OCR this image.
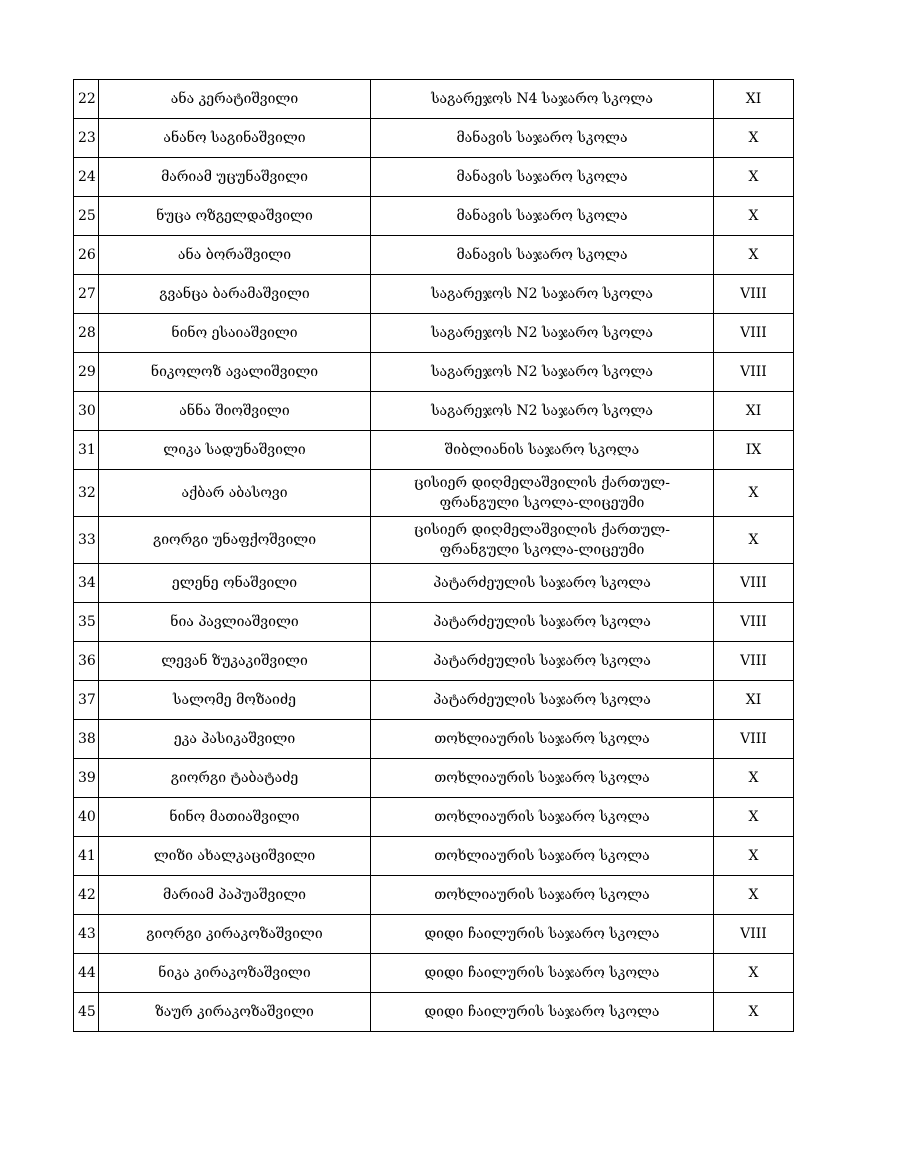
22	ანა კერატიშვილი	საგარეჯოს N4 საჯარო სკოლა	XI
23	ანანო საგინაშვილი	მანავის საჯარო სკოლა	X
24	მარიამ უცუნაშვილი	მანავის საჯარო სკოლა	X
25	ნუცა ოზგელდაშვილი	მანავის საჯარო სკოლა	X
26	ანა ბორაშვილი	მანავის საჯარო სკოლა	X
27	გვანცა ბარამაშვილი	საგარეჯოს N2 საჯარო სკოლა	VIII
28	ნინო ესაიაშვილი	საგარეჯოს N2 საჯარო სკოლა	VIII
29	ნიკოლოზ ავალიშვილი	საგარეჯოს N2 საჯარო სკოლა	VIII
30	ანნა შიოშვილი	საგარეჯოს N2 საჯარო სკოლა	XI
31	ლიკა სადუნაშვილი	შიბლიანის საჯარო სკოლა	IX
32	აქბარ აბასოვი	ცისიერ დიღმელაშვილის ქართულ-ფრანგული სკოლა-ლიცეუმი	X
33	გიორგი უნაფქოშვილი	ცისიერ დიღმელაშვილის ქართულ-ფრანგული სკოლა-ლიცეუმი	X
34	ელენე ონაშვილი	პატარძეულის საჯარო სკოლა	VIII
35	ნია პავლიაშვილი	პატარძეულის საჯარო სკოლა	VIII
36	ლევან ზუკაკიშვილი	პატარძეულის საჯარო სკოლა	VIII
37	სალომე მოზაიძე	პატარძეულის საჯარო სკოლა	XI
38	ეკა პასიკაშვილი	თოხლიაურის საჯარო სკოლა	VIII
39	გიორგი ტაბატაძე	თოხლიაურის საჯარო სკოლა	X
40	ნინო მათიაშვილი	თოხლიაურის საჯარო სკოლა	X
41	ლიზი ახალკაციშვილი	თოხლიაურის საჯარო სკოლა	X
42	მარიამ პაპუაშვილი	თოხლიაურის საჯარო სკოლა	X
43	გიორგი კირაკოზაშვილი	დიდი ჩაილურის საჯარო სკოლა	VIII
44	ნიკა კირაკოზაშვილი	დიდი ჩაილურის საჯარო სკოლა	X
45	ზაურ კირაკოზაშვილი	დიდი ჩაილურის საჯარო სკოლა	X
